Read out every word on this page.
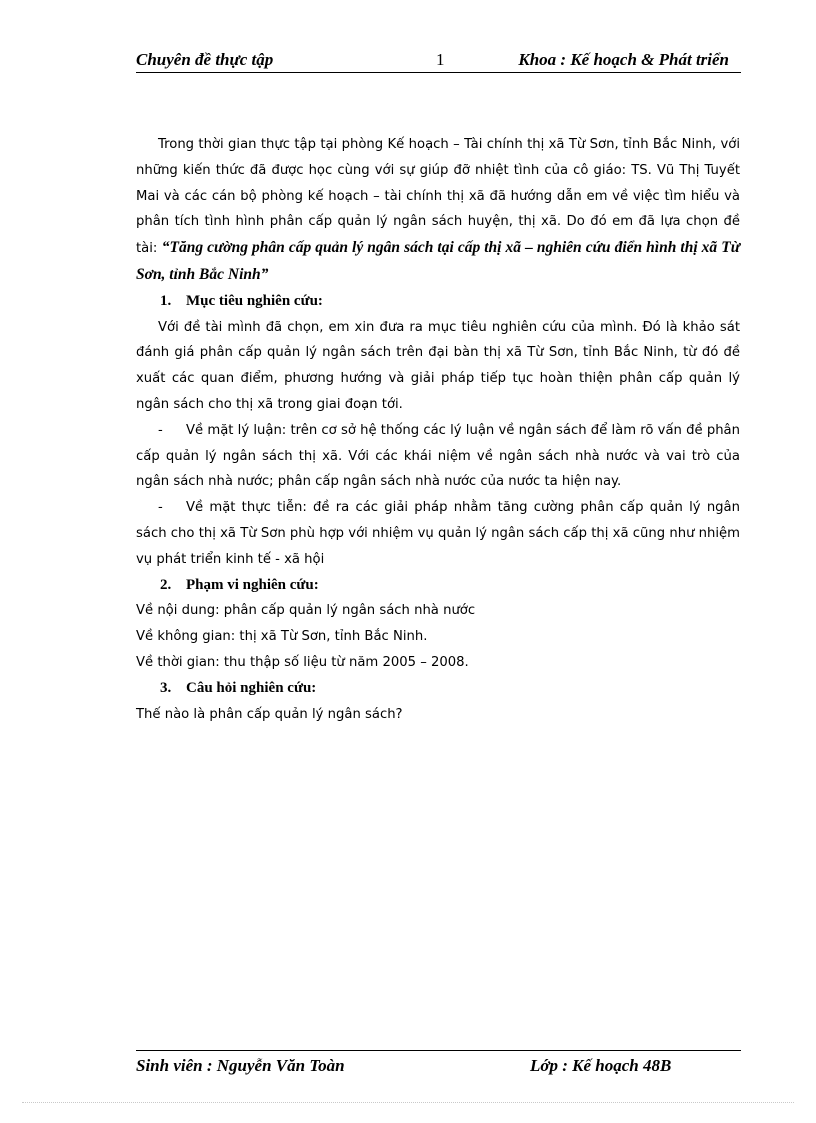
Chuyên đề thực tập	1	Khoa : Kế hoạch & Phát triển

Trong thời gian thực tập tại phòng Kế hoạch – Tài chính thị xã Từ Sơn, tỉnh Bắc Ninh, với những kiến thức đã được học cùng với sự giúp đỡ nhiệt tình của cô giáo: TS. Vũ Thị Tuyết Mai và các cán bộ phòng kế hoạch – tài chính thị xã đã hướng dẫn em về việc tìm hiểu và phân tích tình hình phân cấp quản lý ngân sách huyện, thị xã. Do đó em đã lựa chọn đề tài: “Tăng cường phân cấp quản lý ngân sách tại cấp thị xã – nghiên cứu điển hình thị xã Từ Sơn, tỉnh Bắc Ninh”

1. Mục tiêu nghiên cứu:

Với đề tài mình đã chọn, em xin đưa ra mục tiêu nghiên cứu của mình. Đó là khảo sát đánh giá phân cấp quản lý ngân sách trên đại bàn thị xã Từ Sơn, tỉnh Bắc Ninh, từ đó đề xuất các quan điểm, phương hướng và giải pháp tiếp tục hoàn thiện phân cấp quản lý ngân sách cho thị xã trong giai đoạn tới.

- Về mặt lý luận: trên cơ sở hệ thống các lý luận về ngân sách để làm rõ vấn đề phân cấp quản lý ngân sách thị xã. Với các khái niệm về ngân sách nhà nước và vai trò của ngân sách nhà nước; phân cấp ngân sách nhà nước của nước ta hiện nay.

- Về mặt thực tiễn: đề ra các giải pháp nhằm tăng cường phân cấp quản lý ngân sách cho thị xã Từ Sơn phù hợp với nhiệm vụ quản lý ngân sách cấp thị xã cũng như nhiệm vụ phát triển kinh tế - xã hội

2. Phạm vi nghiên cứu:

Về nội dung: phân cấp quản lý ngân sách nhà nước

Về không gian: thị xã Từ Sơn, tỉnh Bắc Ninh.

Về thời gian: thu thập số liệu từ năm 2005 – 2008.

3. Câu hỏi nghiên cứu:

Thế nào là phân cấp quản lý ngân sách?

Sinh viên : Nguyễn Văn Toàn	Lớp : Kế hoạch 48B
